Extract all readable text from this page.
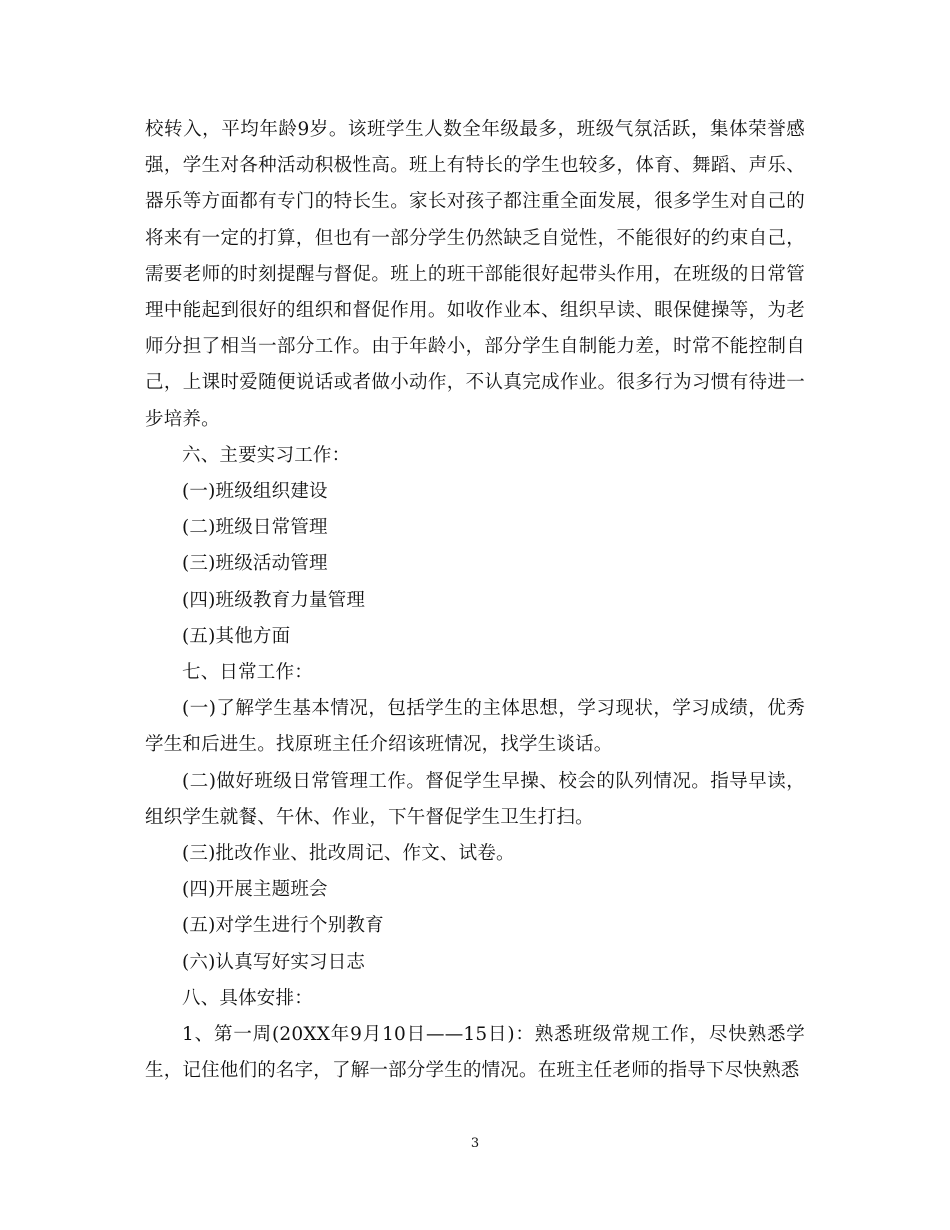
校转入，平均年龄9岁。该班学生人数全年级最多，班级气氛活跃，集体荣誉感强，学生对各种活动积极性高。班上有特长的学生也较多，体育、舞蹈、声乐、器乐等方面都有专门的特长生。家长对孩子都注重全面发展，很多学生对自己的将来有一定的打算，但也有一部分学生仍然缺乏自觉性，不能很好的约束自己，需要老师的时刻提醒与督促。班上的班干部能很好起带头作用，在班级的日常管理中能起到很好的组织和督促作用。如收作业本、组织早读、眼保健操等，为老师分担了相当一部分工作。由于年龄小，部分学生自制能力差，时常不能控制自己，上课时爱随便说话或者做小动作，不认真完成作业。很多行为习惯有待进一步培养。

六、主要实习工作：

(一)班级组织建设

(二)班级日常管理

(三)班级活动管理

(四)班级教育力量管理

(五)其他方面

七、日常工作：

(一)了解学生基本情况，包括学生的主体思想，学习现状，学习成绩，优秀学生和后进生。找原班主任介绍该班情况，找学生谈话。

(二)做好班级日常管理工作。督促学生早操、校会的队列情况。指导早读，组织学生就餐、午休、作业，下午督促学生卫生打扫。

(三)批改作业、批改周记、作文、试卷。

(四)开展主题班会

(五)对学生进行个别教育

(六)认真写好实习日志

八、具体安排：

1、第一周(20XX年9月10日——15日)：熟悉班级常规工作，尽快熟悉学生，记住他们的名字，了解一部分学生的情况。在班主任老师的指导下尽快熟悉

3
